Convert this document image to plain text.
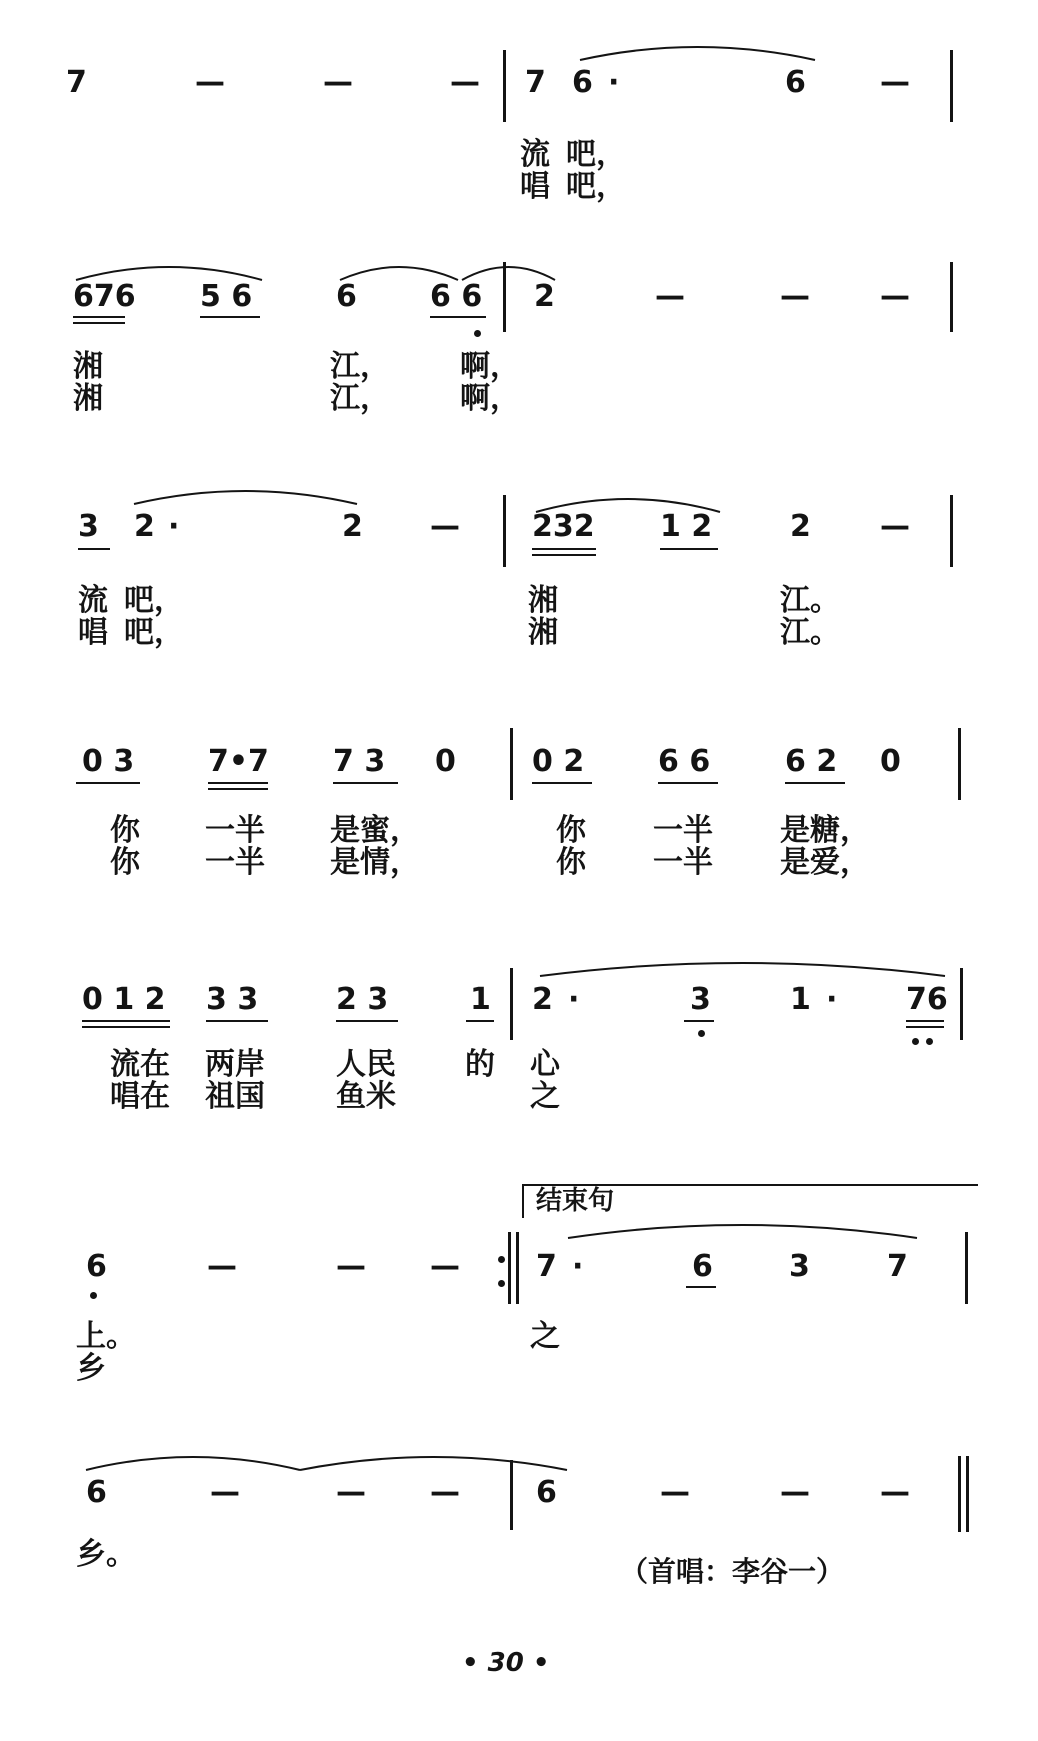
（首唱：李谷一）
• 30 •
7	—	—	— 7 6 ·	6 —
流 吧，
唱 吧，
676 5 6	6 6 6 2	—	— —
湘	江， 啊，
湘	江， 啊，
3 2 ·	2 — 232 1 2	2 —
流 吧，	湘	江。
唱 吧，	湘	江。
0 3 7•7 7 3 0	0 2 6 6 6 2 0
你 一半 是蜜，	你 一半 是糖，
你 一半 是情，	你 一半 是爱，
0 1 2 3 3	2 3	1 2 ·	3	1 · 76
流在 两岸 人民 的 心
唱在 祖国 鱼米	之
6	—	— —	7 ·	6	3	7
上。	之
乡
结束句
6	—	— —	6	—	— —
乡。
